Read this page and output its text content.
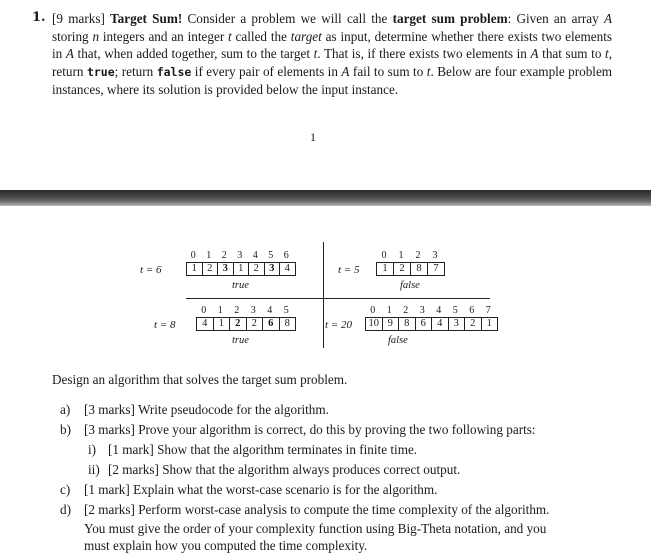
1. [9 marks] Target Sum! Consider a problem we will call the target sum problem: Given an array A storing n integers and an integer t called the target as input, determine whether there exists two elements in A that, when added together, sum to the target t. That is, if there exists two elements in A that sum to t, return true; return false if every pair of elements in A fail to sum to t. Below are four example problem instances, where its solution is provided below the input instance.
1
t = 6
0
1
1
2
2
3
3
1
4
2
5
3
6
4
true
t = 5
0
1
1
2
2
8
3
7
false
t = 8
0
4
1
1
2
2
3
2
4
6
5
8
true
t = 20
0
10
1
9
2
8
3
6
4
4
5
3
6
2
7
1
false
Design an algorithm that solves the target sum problem.
a) [3 marks] Write pseudocode for the algorithm.
b) [3 marks] Prove your algorithm is correct, do this by proving the two following parts:
i) [1 mark] Show that the algorithm terminates in finite time.
ii) [2 marks] Show that the algorithm always produces correct output.
c) [1 mark] Explain what the worst-case scenario is for the algorithm.
d) [2 marks] Perform worst-case analysis to compute the time complexity of the algorithm.
You must give the order of your complexity function using Big-Theta notation, and you
must explain how you computed the time complexity.
